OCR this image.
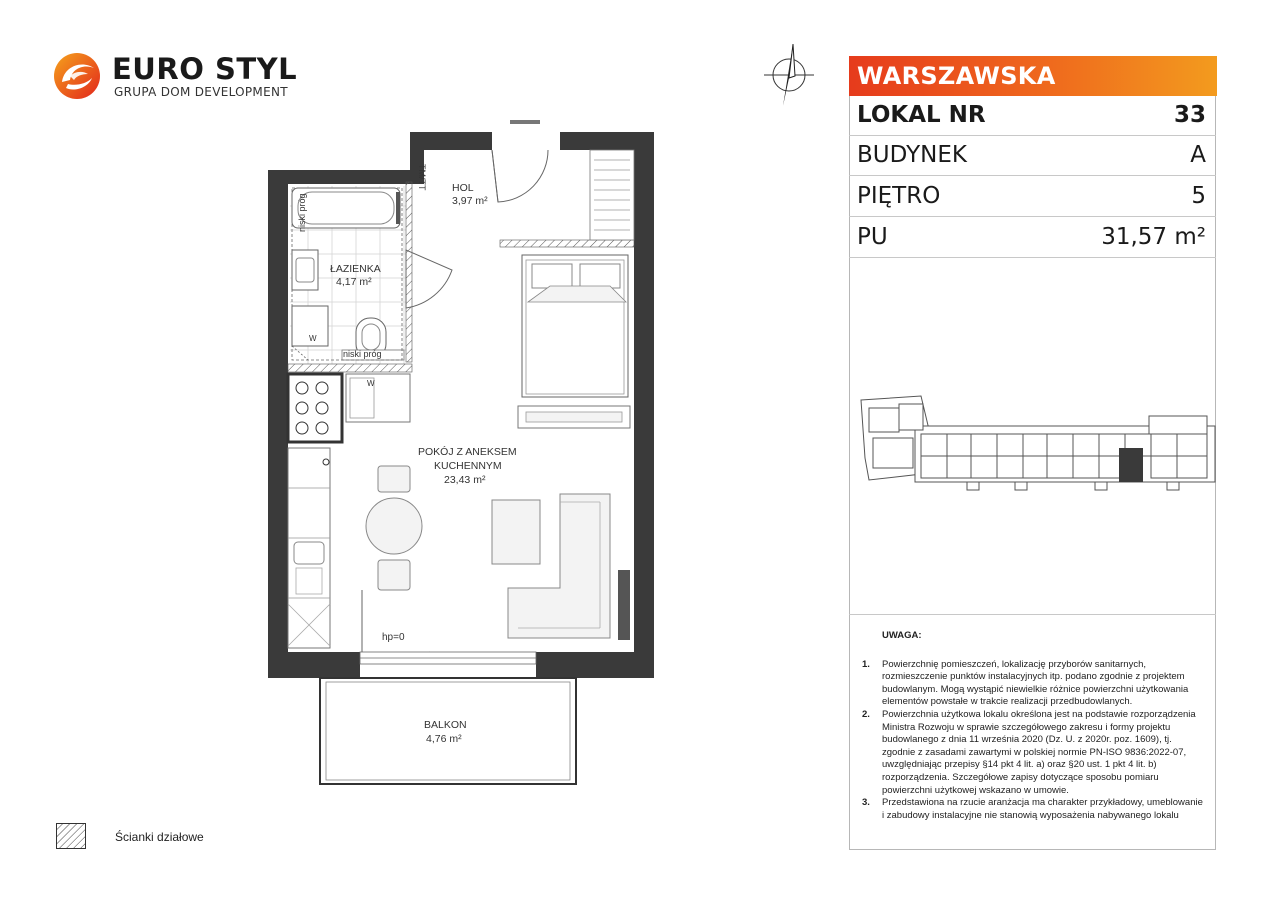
EURO STYL
GRUPA DOM DEVELOPMENT
HOL
3,97 m²
ŁAZIENKA
4,17 m²
POKÓJ Z ANEKSEM
KUCHENNYM
23,43 m²
BALKON
4,76 m²
TM/TT
niski próg
niski próg
W
W
hp=0
WARSZAWSKA
LOKAL NR	33
BUDYNEK	A
PIĘTRO	5
PU	31,57 m²
UWAGA:
1. Powierzchnię pomieszczeń, lokalizację przyborów sanitarnych, rozmieszczenie punktów instalacyjnych itp. podano zgodnie z projektem budowlanym. Mogą wystąpić niewielkie różnice powierzchni użytkowania elementów powstałe w trakcie realizacji przedbudowlanych.
2. Powierzchnia użytkowa lokalu określona jest na podstawie rozporządzenia Ministra Rozwoju w sprawie szczegółowego zakresu i formy projektu budowlanego z dnia 11 września 2020 (Dz. U. z 2020r. poz. 1609), tj. zgodnie z zasadami zawartymi w polskiej normie PN-ISO 9836:2022-07, uwzględniając przepisy §14 pkt 4 lit. a) oraz §20 ust. 1 pkt 4 lit. b) rozporządzenia. Szczegółowe zapisy dotyczące sposobu pomiaru powierzchni użytkowej wskazano w umowie.
3. Przedstawiona na rzucie aranżacja ma charakter przykładowy, umeblowanie i zabudowy instalacyjne nie stanowią wyposażenia nabywanego lokalu
Ścianki działowe
